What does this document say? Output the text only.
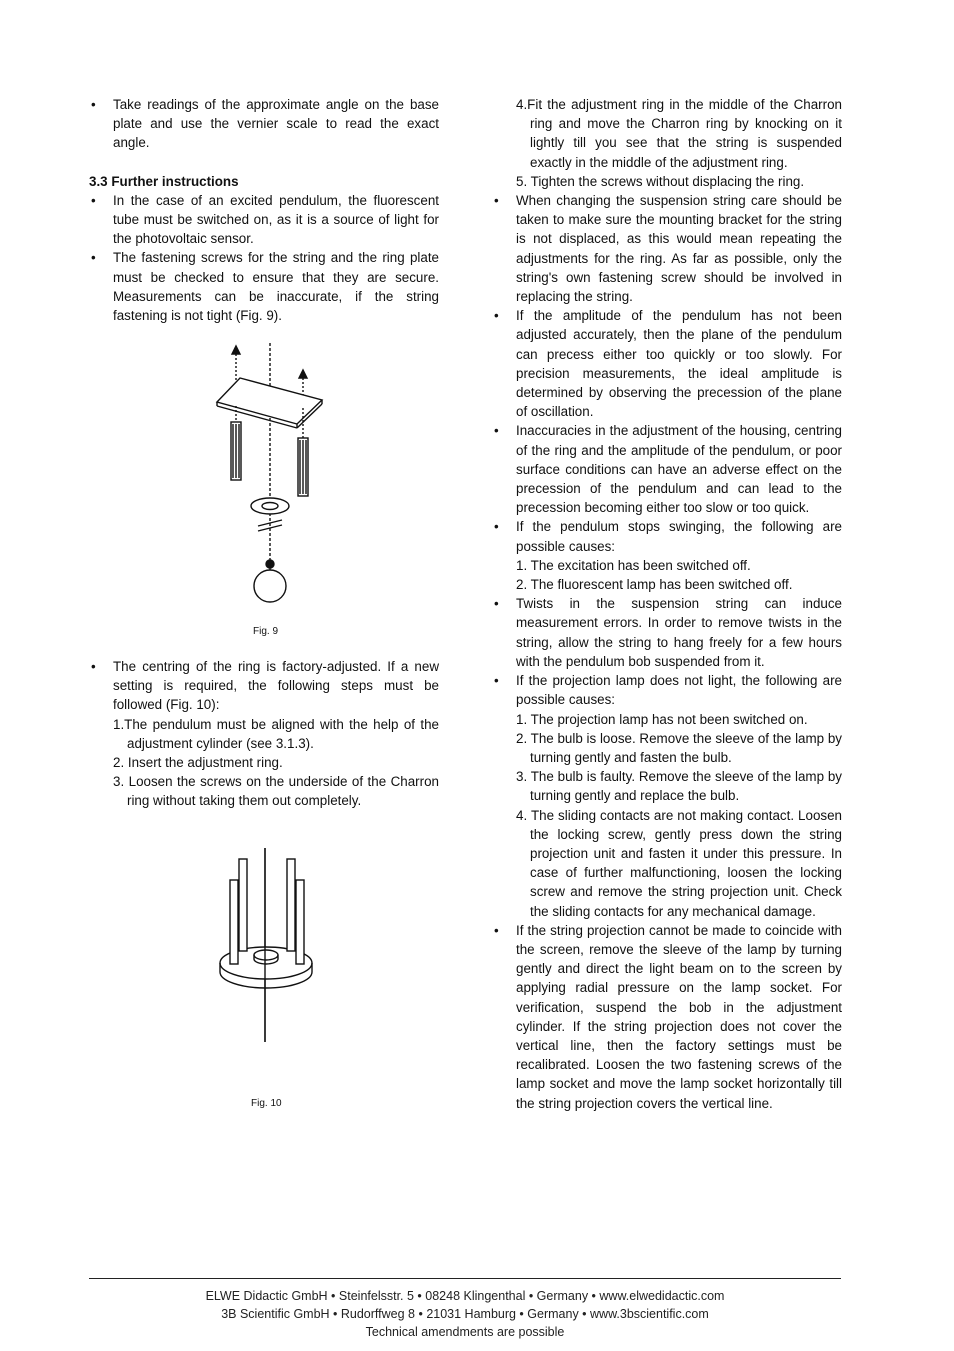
• Take readings of the approximate angle on the base plate and use the vernier scale to read the exact angle.
3.3 Further instructions
• In the case of an excited pendulum, the fluorescent tube must be switched on, as it is a source of light for the photovoltaic sensor.
• The fastening screws for the string and the ring plate must be checked to ensure that they are secure. Measurements can be inaccurate, if the string fastening is not tight (Fig. 9).
Fig. 9
• The centring of the ring is factory-adjusted. If a new setting is required, the following steps must be followed (Fig. 10):
1.The pendulum must be aligned with the help of the adjustment cylinder (see 3.1.3).
2. Insert the adjustment ring.
3. Loosen the screws on the underside of the Charron ring without taking them out completely.
Fig. 10
4.Fit the adjustment ring in the middle of the Charron ring and move the Charron ring by knocking on it lightly till you see that the string is suspended exactly in the middle of the adjustment ring.
5. Tighten the screws without displacing the ring.
• When changing the suspension string care should be taken to make sure the mounting bracket for the string is not displaced, as this would mean repeating the adjustments for the ring. As far as possible, only the string's own fastening screw should be involved in replacing the string.
• If the amplitude of the pendulum has not been adjusted accurately, then the plane of the pendulum can precess either too quickly or too slowly. For precision measurements, the ideal amplitude is determined by observing the precession of the plane of oscillation.
• Inaccuracies in the adjustment of the housing, centring of the ring and the amplitude of the pendulum, or poor surface conditions can have an adverse effect on the precession of the pendulum and can lead to the precession becoming either too slow or too quick.
• If the pendulum stops swinging, the following are possible causes:
1. The excitation has been switched off.
2. The fluorescent lamp has been switched off.
• Twists in the suspension string can induce measurement errors. In order to remove twists in the string, allow the string to hang freely for a few hours with the pendulum bob suspended from it.
• If the projection lamp does not light, the following are possible causes:
1. The projection lamp has not been switched on.
2. The bulb is loose. Remove the sleeve of the lamp by turning gently and fasten the bulb.
3. The bulb is faulty. Remove the sleeve of the lamp by turning gently and replace the bulb.
4. The sliding contacts are not making contact. Loosen the locking screw, gently press down the string projection unit and fasten it under this pressure. In case of further malfunctioning, loosen the locking screw and remove the string projection unit. Check the sliding contacts for any mechanical damage.
• If the string projection cannot be made to coincide with the screen, remove the sleeve of the lamp by turning gently and direct the light beam on to the screen by applying radial pressure on the lamp socket. For verification, suspend the bob in the adjustment cylinder. If the string projection does not cover the vertical line, then the factory settings must be recalibrated. Loosen the two fastening screws of the lamp socket and move the lamp socket horizontally till the string projection covers the vertical line.
ELWE Didactic GmbH • Steinfelsstr. 5 • 08248 Klingenthal • Germany • www.elwedidactic.com
3B Scientific GmbH • Rudorffweg 8 • 21031 Hamburg • Germany • www.3bscientific.com
Technical amendments are possible
